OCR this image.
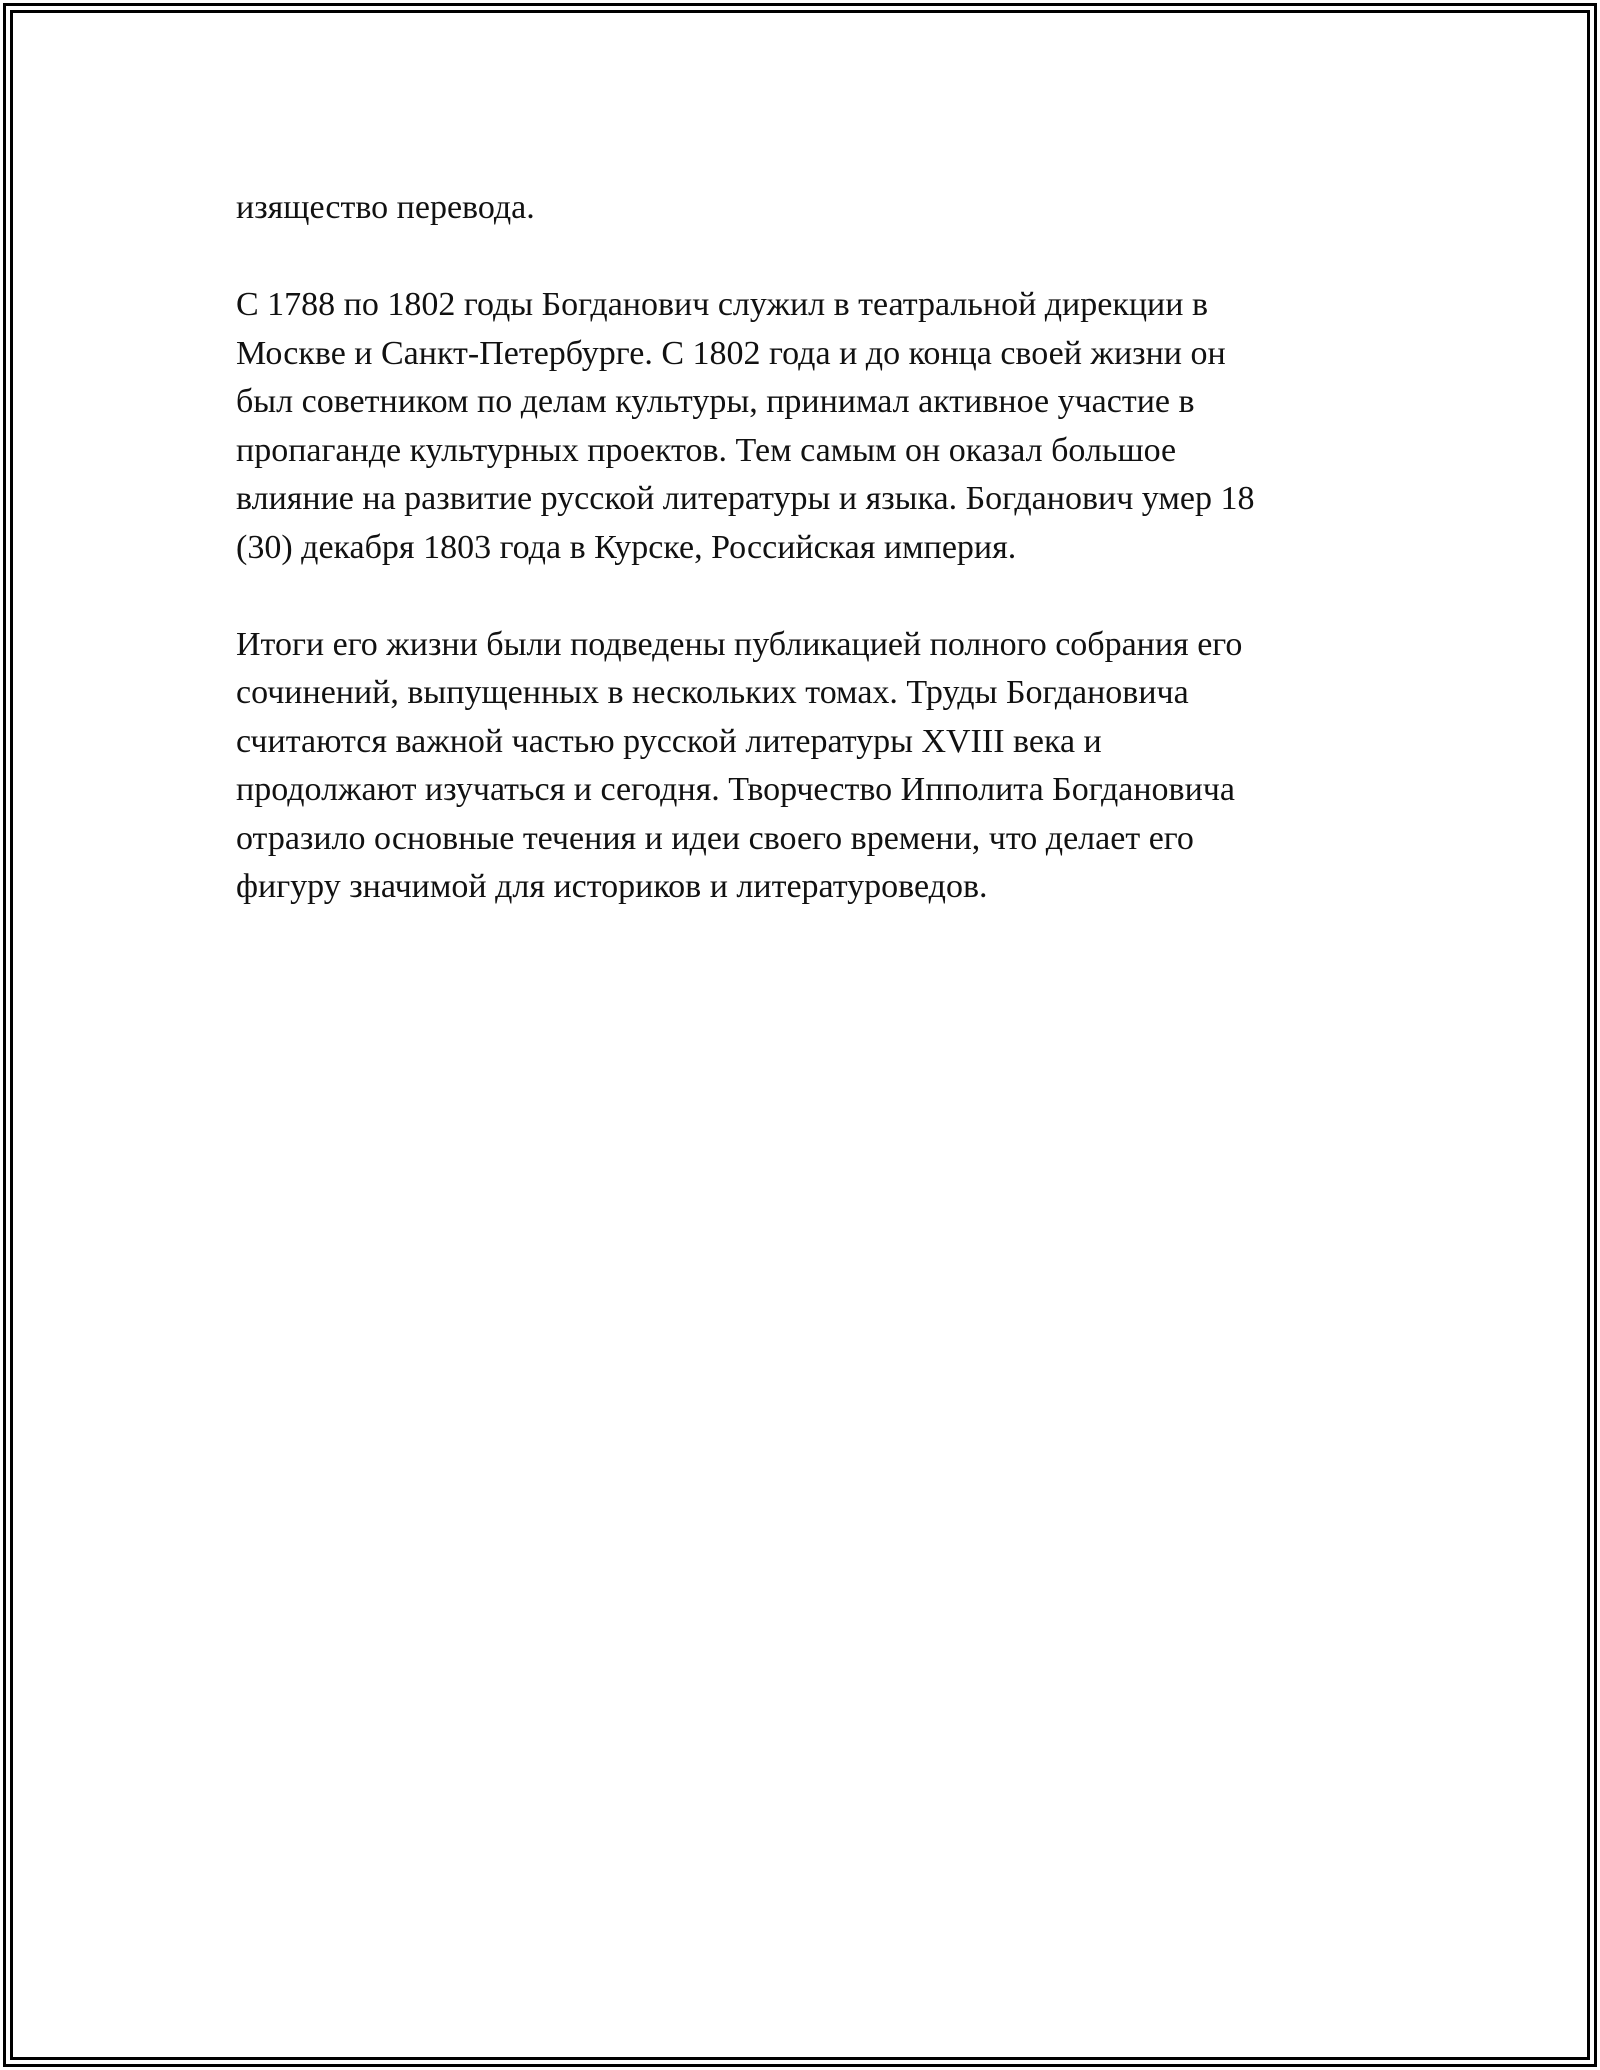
изящество перевода.

С 1788 по 1802 годы Богданович служил в театральной дирекции в
Москве и Санкт-Петербурге. С 1802 года и до конца своей жизни он
был советником по делам культуры, принимал активное участие в
пропаганде культурных проектов. Тем самым он оказал большое
влияние на развитие русской литературы и языка. Богданович умер 18
(30) декабря 1803 года в Курске, Российская империя.

Итоги его жизни были подведены публикацией полного собрания его
сочинений, выпущенных в нескольких томах. Труды Богдановича
считаются важной частью русской литературы XVIII века и
продолжают изучаться и сегодня. Творчество Ипполита Богдановича
отразило основные течения и идеи своего времени, что делает его
фигуру значимой для историков и литературоведов.
